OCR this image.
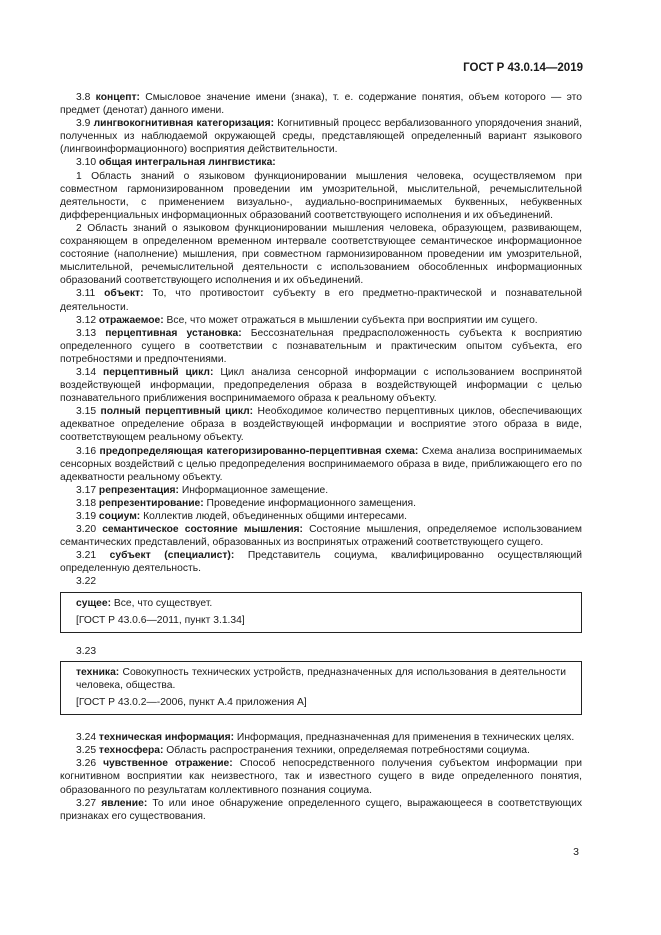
ГОСТ Р 43.0.14—2019

3.8 концепт: Смысловое значение имени (знака), т. е. содержание понятия, объем которого — это предмет (денотат) данного имени.

3.9 лингвокогнитивная категоризация: Когнитивный процесс вербализованного упорядочения знаний, полученных из наблюдаемой окружающей среды, представляющей определенный вариант языкового (лингвоинформационного) восприятия действительности.

3.10 общая интегральная лингвистика:

1 Область знаний о языковом функционировании мышления человека, осуществляемом при совместном гармонизированном проведении им умозрительной, мыслительной, речемыслительной деятельности, с применением визуально-, аудиально-воспринимаемых буквенных, небуквенных дифференциальных информационных образований соответствующего исполнения и их объединений.

2 Область знаний о языковом функционировании мышления человека, образующем, развивающем, сохраняющем в определенном временном интервале соответствующее семантическое информационное состояние (наполнение) мышления, при совместном гармонизированном проведении им умозрительной, мыслительной, речемыслительной деятельности с использованием обособленных информационных образований соответствующего исполнения и их объединений.

3.11 объект: То, что противостоит субъекту в его предметно-практической и познавательной деятельности.

3.12 отражаемое: Все, что может отражаться в мышлении субъекта при восприятии им сущего.

3.13 перцептивная установка: Бессознательная предрасположенность субъекта к восприятию определенного сущего в соответствии с познавательным и практическим опытом субъекта, его потребностями и предпочтениями.

3.14 перцептивный цикл: Цикл анализа сенсорной информации с использованием воспринятой воздействующей информации, предопределения образа в воздействующей информации с целью познавательного приближения воспринимаемого образа к реальному объекту.

3.15 полный перцептивный цикл: Необходимое количество перцептивных циклов, обеспечивающих адекватное определение образа в воздействующей информации и восприятие этого образа в виде, соответствующем реальному объекту.

3.16 предопределяющая категоризированно-перцептивная схема: Схема анализа воспринимаемых сенсорных воздействий с целью предопределения воспринимаемого образа в виде, приближающего его по адекватности реальному объекту.

3.17 репрезентация: Информационное замещение.

3.18 репрезентирование: Проведение информационного замещения.

3.19 социум: Коллектив людей, объединенных общими интересами.

3.20 семантическое состояние мышления: Состояние мышления, определяемое использованием семантических представлений, образованных из воспринятых отражений соответствующего сущего.

3.21 субъект (специалист): Представитель социума, квалифицированно осуществляющий определенную деятельность.

3.22

сущее: Все, что существует.

[ГОСТ Р 43.0.6—2011, пункт 3.1.34]

3.23

техника: Совокупность технических устройств, предназначенных для использования в деятельности человека, общества.

[ГОСТ Р 43.0.2—-2006, пункт А.4 приложения А]

3.24 техническая информация: Информация, предназначенная для применения в технических целях.

3.25 техносфера: Область распространения техники, определяемая потребностями социума.

3.26 чувственное отражение: Способ непосредственного получения субъектом информации при когнитивном восприятии как неизвестного, так и известного сущего в виде определенного понятия, образованного по результатам коллективного познания социума.

3.27 явление: То или иное обнаружение определенного сущего, выражающееся в соответствующих признаках его существования.

3
